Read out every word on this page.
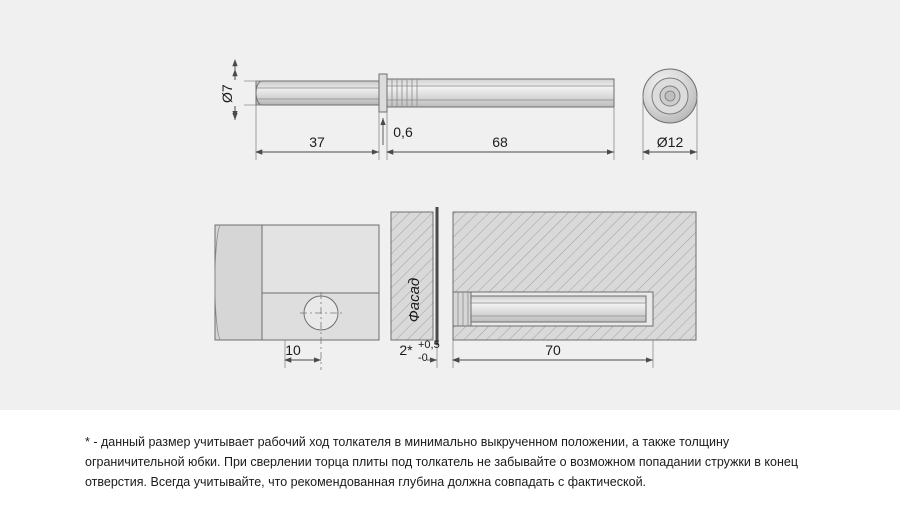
Ø7
37
0,6
68	Ø12
10
Фасад
2* +0,5
-0	70

* - данный размер учитывает рабочий ход толкателя в минимально выкрученном положении, а также толщину ограничительной юбки. При сверлении торца плиты под толкатель не забывайте о возможном попадании стружки в конец отверстия. Всегда учитывайте, что рекомендованная глубина должна совпадать с фактической.
